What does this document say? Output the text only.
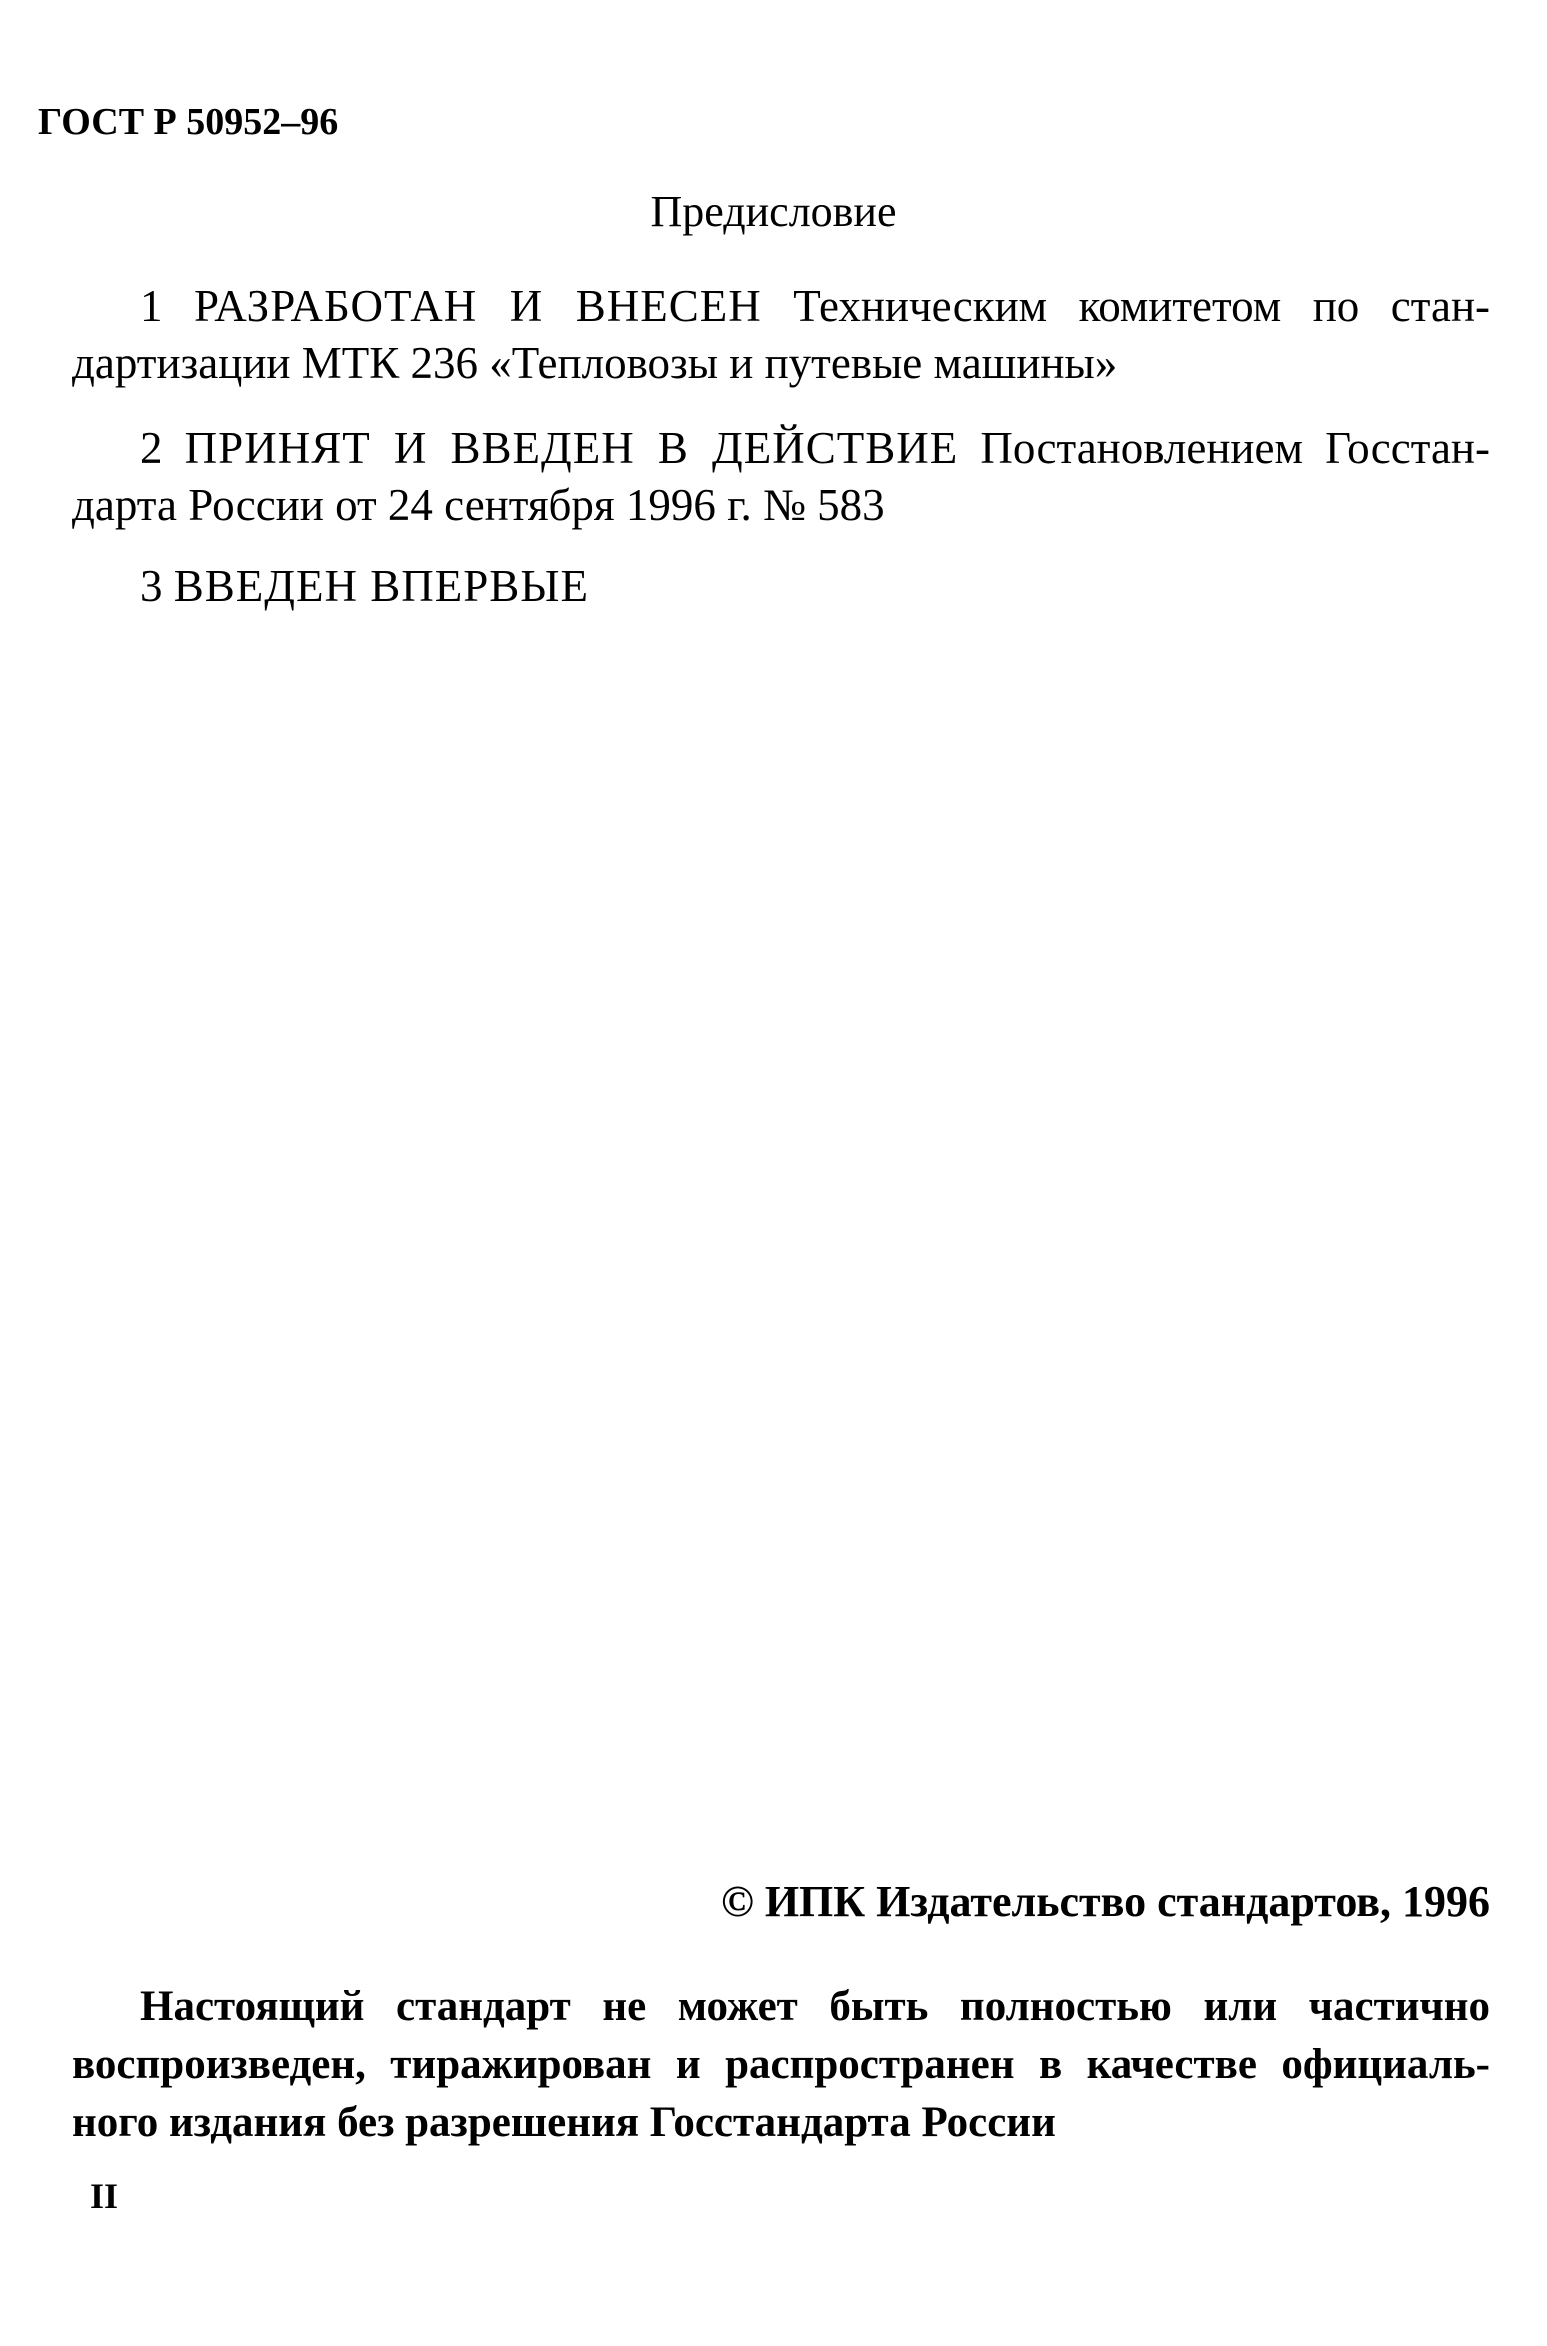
ГОСТ Р 50952–96
Предисловие
1 РАЗРАБОТАН И ВНЕСЕН Техническим комитетом по стан-
дартизации МТК 236 «Тепловозы и путевые машины»
2 ПРИНЯТ И ВВЕДЕН В ДЕЙСТВИЕ Постановлением Госстан-
дарта России от 24 сентября 1996 г. № 583
3 ВВЕДЕН ВПЕРВЫЕ
© ИПК Издательство стандартов, 1996
Настоящий стандарт не может быть полностью или частично
воспроизведен, тиражирован и распространен в качестве официаль-
ного издания без разрешения Госстандарта России
II
